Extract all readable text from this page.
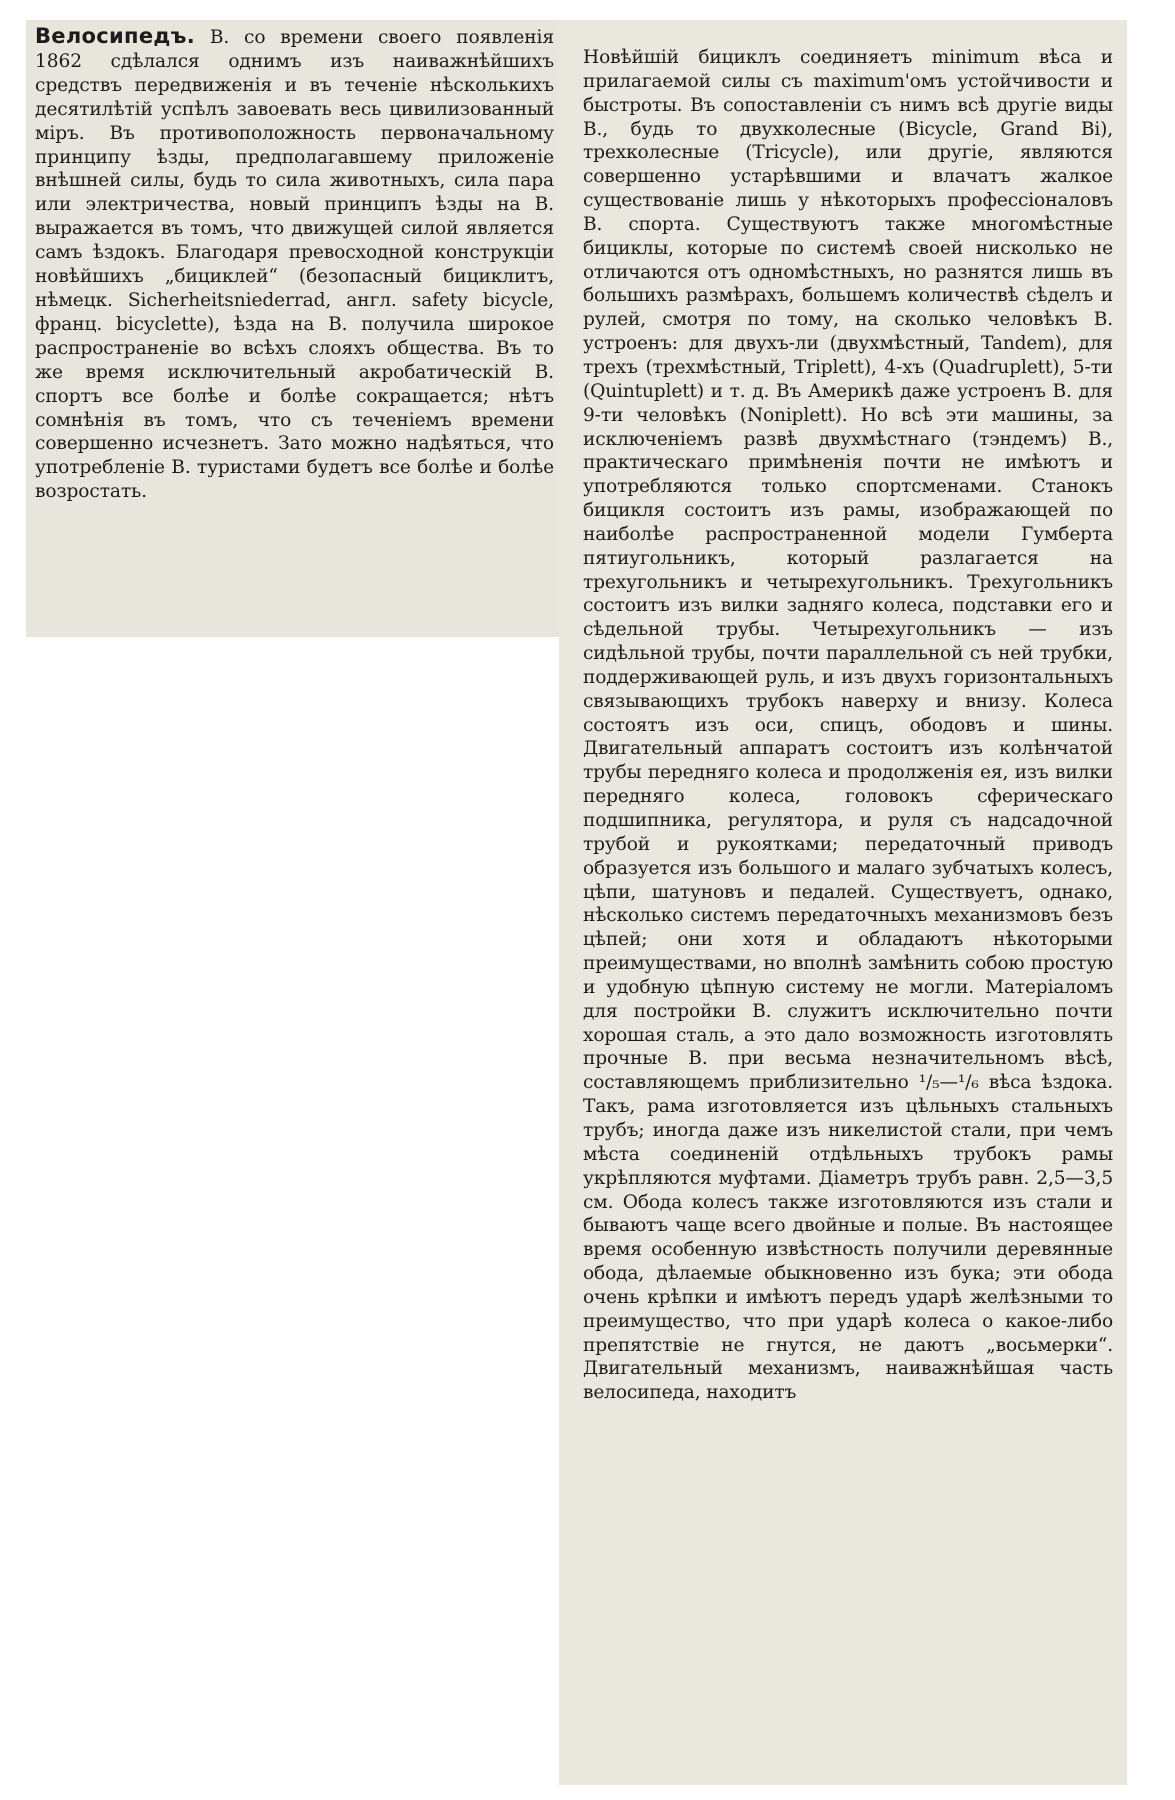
Велосипедъ. В. со времени своего появленія 1862 сдѣлался однимъ изъ наиважнѣйшихъ средствъ передвиженія и въ теченіе нѣсколькихъ десятилѣтій успѣлъ завоевать весь цивилизованный міръ. Въ противоположность первоначальному принципу ѣзды, предполагавшему приложеніе внѣшней силы, будь то сила животныхъ, сила пара или электричества, новый принципъ ѣзды на В. выражается въ томъ, что движущей силой является самъ ѣздокъ. Благодаря превосходной конструкціи новѣйшихъ „бициклей“ (безопасный бициклитъ, нѣмецк. Sicherheitsniederrad, англ. safety bicycle, франц. bicyclette), ѣзда на В. получила широкое распространеніе во всѣхъ слояхъ общества. Въ то же время исключительный акробатическій В. спортъ все болѣе и болѣе сокращается; нѣтъ сомнѣнія въ томъ, что съ теченіемъ времени совершенно исчезнетъ. Зато можно надѣяться, что употребленіе В. туристами будетъ все болѣе и болѣе возростать.

Новѣйшій бициклъ соединяетъ minimum вѣса и прилагаемой силы съ maximum'омъ устойчивости и быстроты. Въ сопоставленіи съ нимъ всѣ другіе виды В., будь то двухколесные (Bicycle, Grand Bi), трехколесные (Tricycle), или другіе, являются совершенно устарѣвшими и влачатъ жалкое существованіе лишь у нѣкоторыхъ профессіоналовъ В. спорта. Существуютъ также многомѣстные бициклы, которые по системѣ своей нисколько не отличаются отъ одномѣстныхъ, но разнятся лишь въ большихъ размѣрахъ, большемъ количествѣ сѣделъ и рулей, смотря по тому, на сколько человѣкъ В. устроенъ: для двухъ-ли (двухмѣстный, Tandem), для трехъ (трехмѣстный, Triplett), 4-хъ (Quadruplett), 5-ти (Quintuplett) и т. д. Въ Америкѣ даже устроенъ В. для 9-ти человѣкъ (Noniplett). Но всѣ эти машины, за исключеніемъ развѣ двухмѣстнаго (тэндемъ) В., практическаго примѣненія почти не имѣютъ и употребляются только спортсменами. Станокъ бицикля состоитъ изъ рамы, изображающей по наиболѣе распространенной модели Гумберта пятиугольникъ, который разлагается на трехугольникъ и четырехугольникъ. Трехугольникъ состоитъ изъ вилки задняго колеса, подставки его и сѣдельной трубы. Четырехугольникъ — изъ сидѣльной трубы, почти параллельной съ ней трубки, поддерживающей руль, и изъ двухъ горизонтальныхъ связывающихъ трубокъ наверху и внизу. Колеса состоятъ изъ оси, спицъ, ободовъ и шины. Двигательный аппаратъ состоитъ изъ колѣнчатой трубы передняго колеса и продолженія ея, изъ вилки передняго колеса, головокъ сферическаго подшипника, регулятора, и руля съ надсадочной трубой и рукоятками; передаточный приводъ образуется изъ большого и малаго зубчатыхъ колесъ, цѣпи, шатуновъ и педалей. Существуетъ, однако, нѣсколько системъ передаточныхъ механизмовъ безъ цѣпей; они хотя и обладаютъ нѣкоторыми преимуществами, но вполнѣ замѣнить собою простую и удобную цѣпную систему не могли. Матеріаломъ для постройки В. служитъ исключительно почти хорошая сталь, а это дало возможность изготовлять прочные В. при весьма незначительномъ вѣсѣ, составляющемъ приблизительно ¹/₅—¹/₆ вѣса ѣздока. Такъ, рама изготовляется изъ цѣльныхъ стальныхъ трубъ; иногда даже изъ никелистой стали, при чемъ мѣста соединеній отдѣльныхъ трубокъ рамы укрѣпляются муфтами. Діаметръ трубъ равн. 2,5—3,5 см. Обода колесъ также изготовляются изъ стали и бываютъ чаще всего двойные и полые. Въ настоящее время особенную извѣстность получили деревянные обода, дѣлаемые обыкновенно изъ бука; эти обода очень крѣпки и имѣютъ передъ ударѣ желѣзными то преимущество, что при ударѣ колеса о какое-либо препятствіе не гнутся, не даютъ „восьмерки“. Двигательный механизмъ, наиважнѣйшая часть велосипеда, находитъ
